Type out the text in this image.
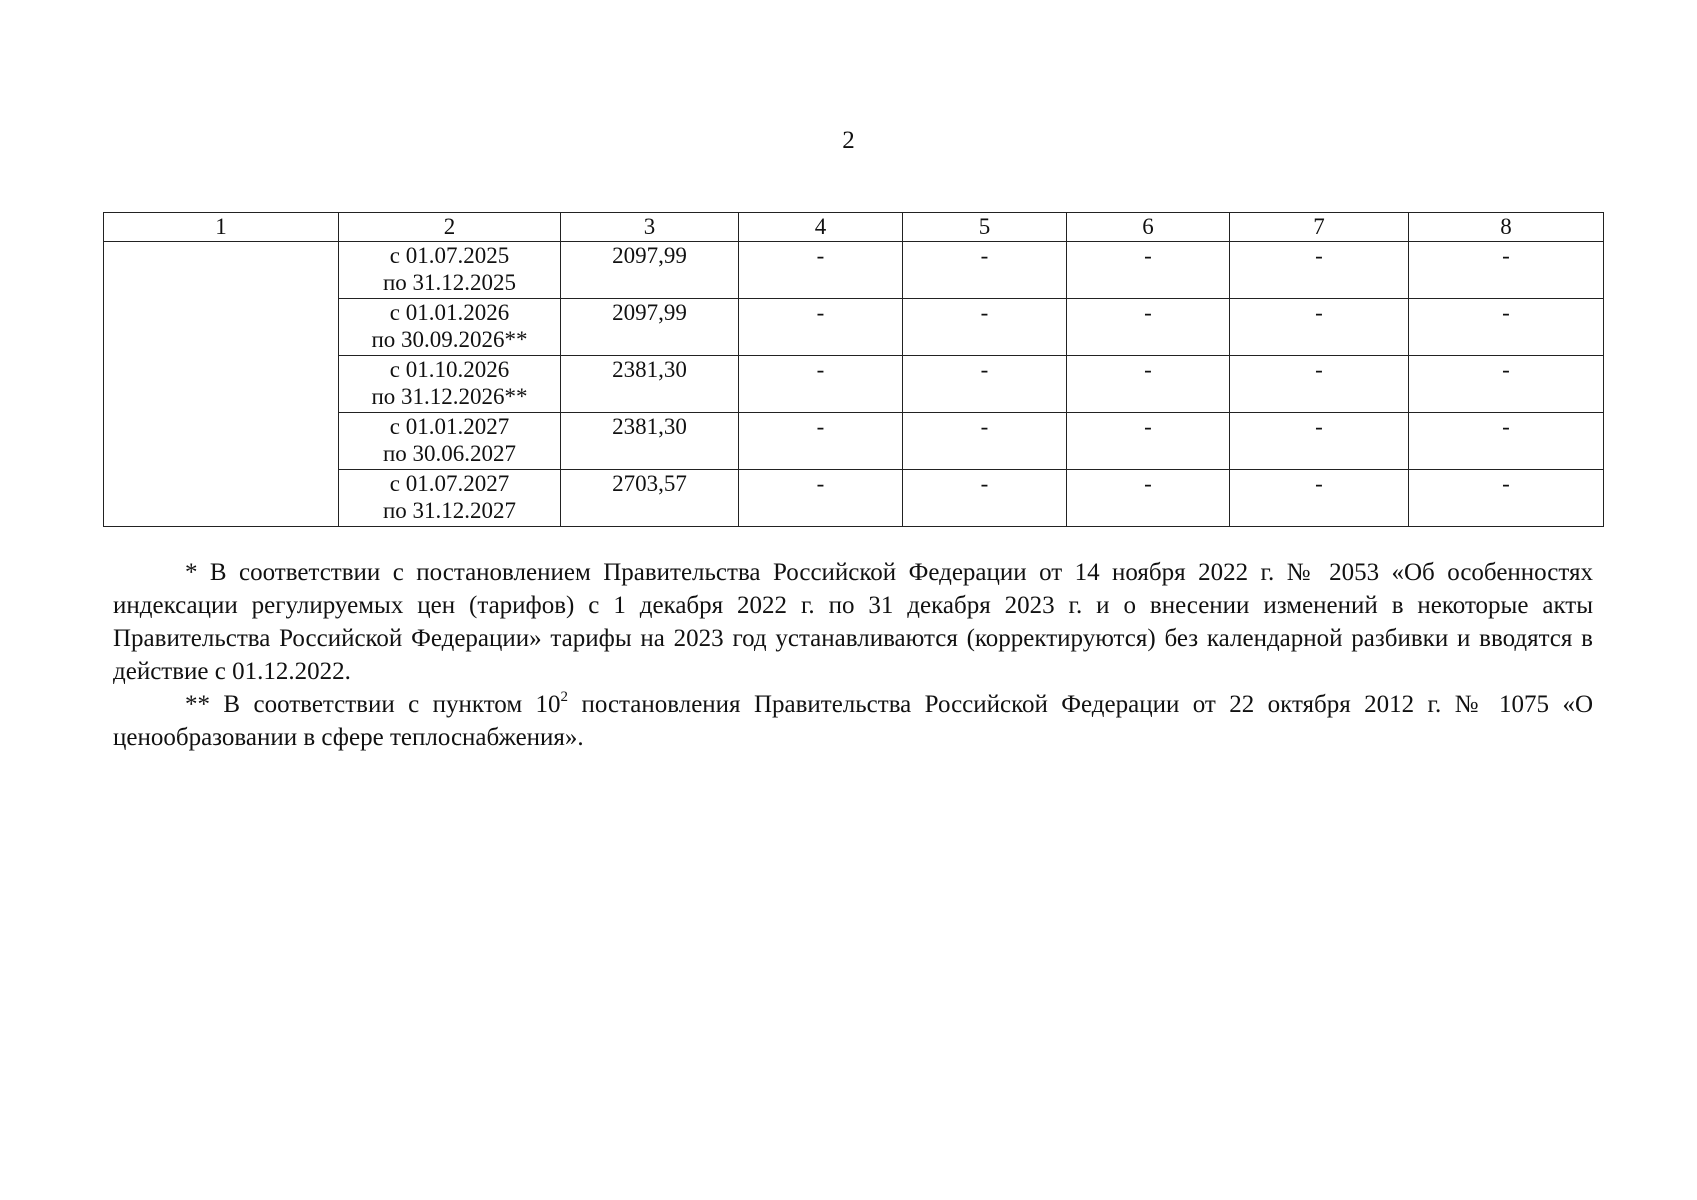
2
1	2	3	4	5	6	7	8

	с 01.07.2025
по 31.12.2025	2097,99	-	-	-	-	-

	с 01.01.2026
по 30.09.2026**	2097,99	-	-	-	-	-

	с 01.10.2026
по 31.12.2026**	2381,30	-	-	-	-	-

	с 01.01.2027
по 30.06.2027	2381,30	-	-	-	-	-

	с 01.07.2027
по 31.12.2027	2703,57	-	-	-	-	-

* В соответствии с постановлением Правительства Российской Федерации от 14 ноября 2022 г. № 2053 «Об особенностях индексации регулируемых цен (тарифов) с 1 декабря 2022 г. по 31 декабря 2023 г. и о внесении изменений в некоторые акты Правительства Российской Федерации» тарифы на 2023 год устанавливаются (корректируются) без календарной разбивки и вводятся в действие с 01.12.2022.

** В соответствии с пунктом $10^2$ постановления Правительства Российской Федерации от 22 октября 2012 г. № 1075 «О ценообразовании в сфере теплоснабжения».
